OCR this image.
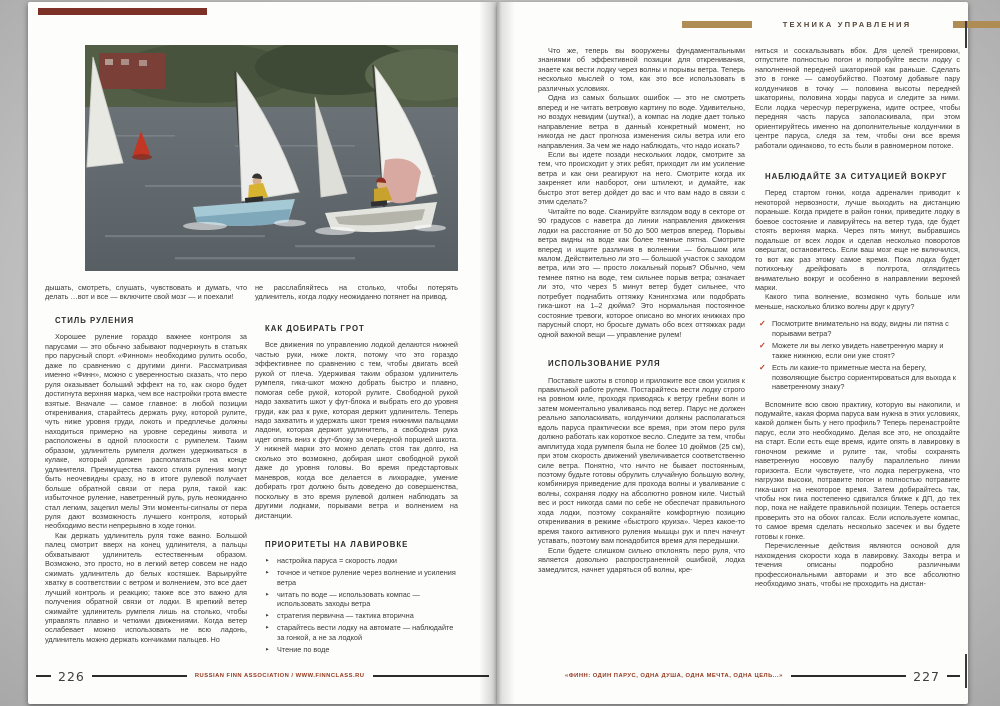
дышать, смотреть, слушать, чувствовать и думать, что делать …вот и все — включите свой мозг — и поехали!

СТИЛЬ РУЛЕНИЯ

Хорошее руление гораздо важнее контроля за парусами — это обычно забывают подчеркнуть в статьях про парусный спорт. «Финном» необходимо рулить особо, даже по сравнению с другими динги. Рассматривая именно «Финн», можно с уверенностью сказать, что перо руля оказывает больший эффект на то, как скоро будет достигнута верхняя марка, чем все настройки грота вместе взятые. Вначале — самое главное: в любой позиции откренивания, старайтесь держать руку, которой рулите, чуть ниже уровня груди, локоть и предплечье должны находиться примерно на уровне середины живота и расположены в одной плоскости с румпелем. Таким образом, удлинитель румпеля должен удерживаться в кулаке, который должен располагаться на конце удлинителя. Преимущества такого стиля руления могут быть неочевидны сразу, но в итоге рулевой получает больше обратной связи от пера руля, такой как: избыточное руление, наветренный руль, руль неожиданно стал легким, зацепил мель! Эти моменты-сигналы от пера руля дают возможность лучшего контроля, который необходимо вести непрерывно в ходе гонки.

Как держать удлинитель руля тоже важно. Большой палец смотрит вверх на конец удлинителя, а пальцы обхватывают удлинитель естественным образом. Возможно, это просто, но в легкий ветер совсем не надо сжимать удлинитель до белых костяшек. Варьируйте хватку в соответствии с ветром и волнением, это все дает лучший контроль и реакцию; также все это важно для получения обратной связи от лодки. В крепкий ветер сжимайте удлинитель румпеля лишь на столько, чтобы управлять плавно и четкими движениями. Когда ветер ослабевает можно использовать не всю ладонь, удлинитель можно держать кончиками пальцев. Но

не расслабляйтесь на столько, чтобы потерять удлинитель, когда лодку неожиданно потянет на привод.

КАК ДОБИРАТЬ ГРОТ

Все движения по управлению лодкой делаются нижней частью руки, ниже локтя, потому что это гораздо эффективнее по сравнению с тем, чтобы двигать всей рукой от плеча. Удерживая таким образом удлинитель румпеля, гика-шкот можно добрать быстро и плавно, помогая себе рукой, которой рулите. Свободной рукой надо захватить шкот у фут-блока и выбрать его до уровня груди, как раз к руке, которая держит удлинитель. Теперь надо захватить и удержать шкот тремя нижними пальцами ладони, которая держит удлинитель, а свободная рука идет опять вниз к фут-блоку за очередной порцией шкота. У нижней марки это можно делать стоя так долго, на сколько это возможно, добирая шкот свободной рукой даже до уровня головы. Во время предстартовых маневров, когда все делается в лихорадке, умение добирать грот должно быть доведено до совершенства, поскольку в это время рулевой должен наблюдать за другими лодками, порывами ветра и волнением на дистанции.

ПРИОРИТЕТЫ НА ЛАВИРОВКЕ
‣	настройка паруса = скорость лодки
‣	точное и четкое руление через волнение и усиления ветра
‣	читать по воде — использовать компас — использовать заходы ветра
‣	стратегия первична — тактика вторична
‣	старайтесь вести лодку на автомате — наблюдайте за гонкой, а не за лодкой
‣	Чтение по воде
226	RUSSIAN FINN ASSOCIATION / WWW.FINNCLASS.RU
ТЕХНИКА УПРАВЛЕНИЯ

Что же, теперь вы вооружены фундаментальными знаниями об эффективной позиции для откренивания, знаете как вести лодку через волны и порывы ветра. Теперь несколько мыслей о том, как это все использовать в различных условиях.

Одна из самых больших ошибок — это не смотреть вперед и не читать ветровую картину по воде. Удивительно, но воздух невидим (шутка!), а компас на лодке дает только направление ветра в данный конкретный момент, но никогда не даст прогноза изменения силы ветра или его направления. За чем же надо наблюдать, что надо искать?

Если вы идете позади нескольких лодок, смотрите за тем, что происходит у этих ребят, приходит ли им усиление ветра и как они реагируют на него. Смотрите когда их закреняет или наоборот, они штилеют, и думайте, как быстро этот ветер дойдет до вас и что вам надо в связи с этим сделать?

Читайте по воде. Сканируйте взглядом воду в секторе от 90 градусов с наветра до линии направления движения лодки на расстояние от 50 до 500 метров вперед. Порывы ветра видны на воде как более темные пятна. Смотрите вперед и ищите различия в волнении — большом или малом. Действительно ли это — большой участок с заходом ветра, или это — просто локальный порыв? Обычно, чем темнее пятно на воде, тем сильнее порыв ветра; означает ли это, что через 5 минут ветер будет сильнее, что потребует поднабить оттяжку Кэнингхэма или подобрать гика-шкот на 1–2 дюйма? Это нормальная постоянное состояние тревоги, которое описано во многих книжках про парусный спорт, но бросьте думать обо всех оттяжках ради одной важной вещи — управление рулем!

ИСПОЛЬЗОВАНИЕ РУЛЯ

Поставьте шкоты в стопор и приложите все свои усилия к правильной работе рулем. Постарайтесь вести лодку строго на ровном киле, проходя приводясь к ветру гребни волн и затем моментально уваливаясь под ветер. Парус не должен реально заполаскивать, колдунчики должны располагаться вдоль паруса практически все время, при этом перо руля должно работать как короткое весло. Следите за тем, чтобы амплитуда хода румпеля была не более 10 дюймов (25 см), при этом скорость движений увеличивается соответственно силе ветра. Понятно, что ничто не бывает постоянным, поэтому будьте готовы обрулить случайную большую волну, комбинируя приведение для прохода волны и уваливание с волны, сохраняя лодку на абсолютно ровном киле. Чистый вес и рост никогда сами по себе не обеспечат правильного хода лодки, поэтому сохраняйте комфортную позицию откренивания в режиме «быстрого круиза». Через какое-то время такого активного руления мышцы рук и плеч начнут уставать, поэтому вам понадобится время для передышки.

Если будете слишком сильно отклонять перо руля, что является довольно распространенной ошибкой, лодка замедлится, начнет ударяться об волны, кре-

ниться и соскальзывать вбок. Для целей тренировки, отпустите полностью погон и попробуйте вести лодку с наполненной передней шкаториной как раньше. Сделать это в гонке — самоубийство. Поэтому добавьте пару колдунчиков в точку — половина высоты передней шкаторины, половина хорды паруса и следите за ними. Если лодка чересчур перегружена, идите острее, чтобы передняя часть паруса заполаскивала, при этом ориентируйтесь именно на дополнительные колдунчики в центре паруса, следя за тем, чтобы они все время работали одинаково, то есть были в равномерном потоке.

НАБЛЮДАЙТЕ ЗА СИТУАЦИЕЙ ВОКРУГ

Перед стартом гонки, когда адреналин приводит к некоторой нервозности, лучше выходить на дистанцию пораньше. Когда придете в район гонки, приведите лодку в боевое состояние и лавируйтесь на ветер туда, где будет стоять верхняя марка. Через пять минут, выбравшись подальше от всех лодок и сделав несколько поворотов оверштаг, остановитесь. Если ваш мозг еще не включился, то вот как раз этому самое время. Пока лодка будет потихоньку дрейфовать в полгрота, оглядитесь внимательно вокруг и особенно в направлении верхней марки.

Какого типа волнение, возможно чуть больше или меньше, насколько близко волны друг к другу?

✓ Посмотрите внимательно на воду, видны ли пятна с порывами ветра?
✓ Можете ли вы легко увидеть наветренную марку и также нижнюю, если они уже стоят?
✓ Есть ли какие-то приметные места на берегу, позволяющие быстро сориентироваться для выхода к наветренному знаку?

Вспомните всю свою практику, которую вы накопили, и подумайте, какая форма паруса вам нужна в этих условиях, какой должен быть у него профиль? Теперь перенастройте парус, если это необходимо. Делая все это, не опоздайте на старт. Если есть еще время, идите опять в лавировку в гоночном режиме и рулите так, чтобы сохранять наветренную носовую палубу параллельно линии горизонта. Если чувствуете, что лодка перегружена, что нагрузки высоки, потравите погон и полностью потравите гика-шкот на некоторое время. Затем добирайтесь так, чтобы нок гика постепенно сдвигался ближе к ДП, до тех пор, пока не найдете правильной позиции. Теперь остается проверить это на обоих галсах. Если используете компас, то самое время сделать несколько засечек и вы будете готовы к гонке.

Перечисленные действия являются основой для нахождения скорости хода в лавировку. Заходы ветра и течения описаны подробно различными профессиональными авторами и это все абсолютно необходимо знать, чтобы не проходить на дистан-

«ФИНН: ОДИН ПАРУС, ОДНА ДУША, ОДНА МЕЧТА, ОДНА ЦЕЛЬ...»	227
